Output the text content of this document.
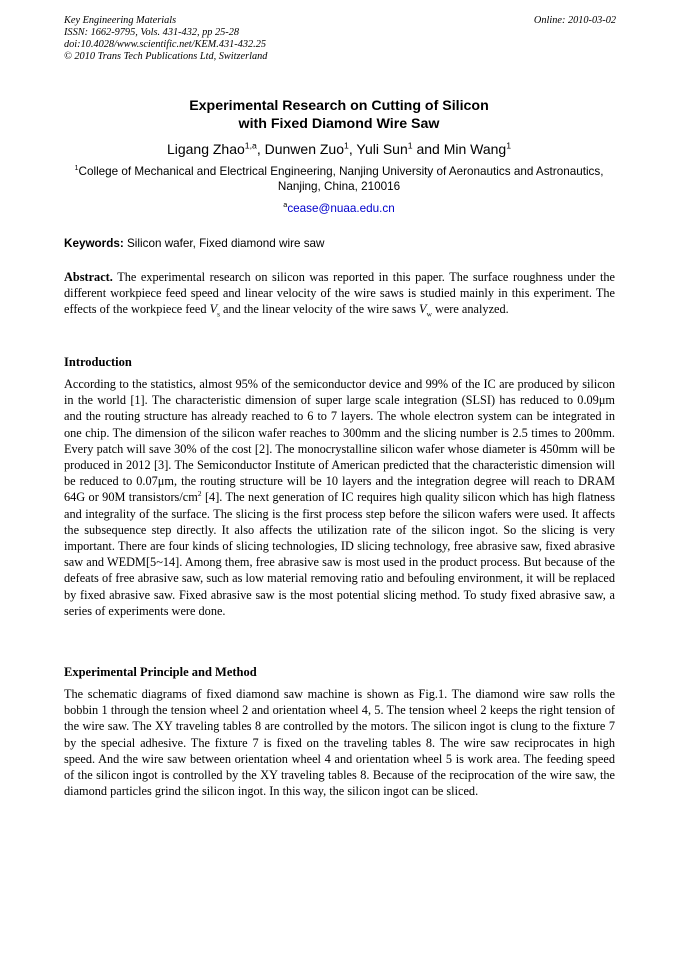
Key Engineering Materials
ISSN: 1662-9795, Vols. 431-432, pp 25-28
doi:10.4028/www.scientific.net/KEM.431-432.25
© 2010 Trans Tech Publications Ltd, Switzerland
Online: 2010-03-02
Experimental Research on Cutting of Silicon
with Fixed Diamond Wire Saw
Ligang Zhao$^{1,a}$, Dunwen Zuo$^1$, Yuli Sun$^1$ and Min Wang$^1$
$^1$College of Mechanical and Electrical Engineering, Nanjing University of Aeronautics and Astronautics, Nanjing, China, 210016
$^a$cease@nuaa.edu.cn
Keywords: Silicon wafer, Fixed diamond wire saw
Abstract. The experimental research on silicon was reported in this paper. The surface roughness under the different workpiece feed speed and linear velocity of the wire saws is studied mainly in this experiment. The effects of the workpiece feed $V_s$ and the linear velocity of the wire saws $V_w$ were analyzed.
Introduction
According to the statistics, almost 95% of the semiconductor device and 99% of the IC are produced by silicon in the world [1]. The characteristic dimension of super large scale integration (SLSI) has reduced to 0.09μm and the routing structure has already reached to 6 to 7 layers. The whole electron system can be integrated in one chip. The dimension of the silicon wafer reaches to 300mm and the slicing number is 2.5 times to 200mm. Every patch will save 30% of the cost [2]. The monocrystalline silicon wafer whose diameter is 450mm will be produced in 2012 [3]. The Semiconductor Institute of American predicted that the characteristic dimension will be reduced to 0.07μm, the routing structure will be 10 layers and the integration degree will reach to DRAM 64G or 90M transistors/$cm^2$ [4]. The next generation of IC requires high quality silicon which has high flatness and integrality of the surface. The slicing is the first process step before the silicon wafers were used. It affects the subsequence step directly. It also affects the utilization rate of the silicon ingot. So the slicing is very important. There are four kinds of slicing technologies, ID slicing technology, free abrasive saw, fixed abrasive saw and WEDM[5~14]. Among them, free abrasive saw is most used in the product process. But because of the defeats of free abrasive saw, such as low material removing ratio and befouling environment, it will be replaced by fixed abrasive saw. Fixed abrasive saw is the most potential slicing method. To study fixed abrasive saw, a series of experiments were done.
Experimental Principle and Method
The schematic diagrams of fixed diamond saw machine is shown as Fig.1. The diamond wire saw rolls the bobbin 1 through the tension wheel 2 and orientation wheel 4, 5. The tension wheel 2 keeps the right tension of the wire saw. The XY traveling tables 8 are controlled by the motors. The silicon ingot is clung to the fixture 7 by the special adhesive. The fixture 7 is fixed on the traveling tables 8. The wire saw reciprocates in high speed. And the wire saw between orientation wheel 4 and orientation wheel 5 is work area. The feeding speed of the silicon ingot is controlled by the XY traveling tables 8. Because of the reciprocation of the wire saw, the diamond particles grind the silicon ingot. In this way, the silicon ingot can be sliced.
